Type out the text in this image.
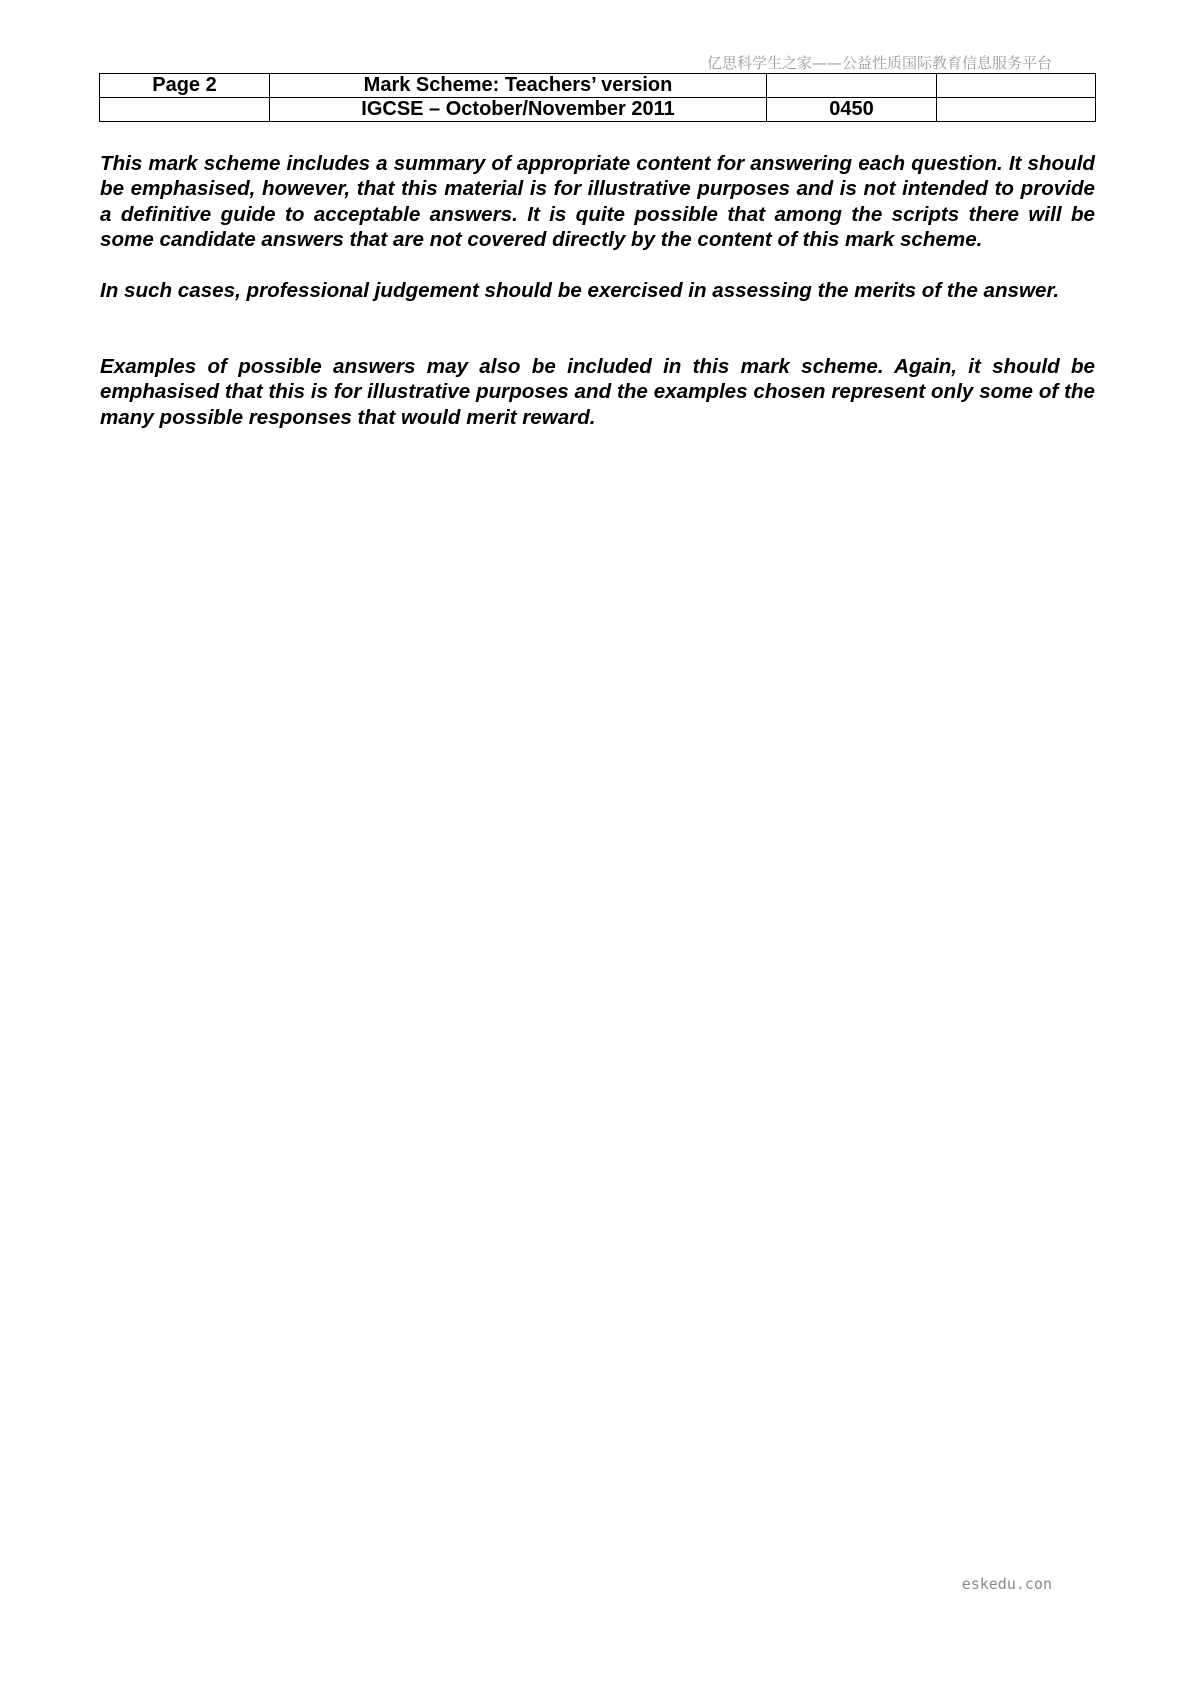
亿思科学生之家——公益性质国际教育信息服务平台
Page 2	Mark Scheme: Teachers’ version		
	IGCSE – October/November 2011	0450	

This mark scheme includes a summary of appropriate content for answering each question. It should be emphasised, however, that this material is for illustrative purposes and is not intended to provide a definitive guide to acceptable answers. It is quite possible that among the scripts there will be some candidate answers that are not covered directly by the content of this mark scheme.

In such cases, professional judgement should be exercised in assessing the merits of the answer.

Examples of possible answers may also be included in this mark scheme. Again, it should be emphasised that this is for illustrative purposes and the examples chosen represent only some of the many possible responses that would merit reward.

eskedu.con
